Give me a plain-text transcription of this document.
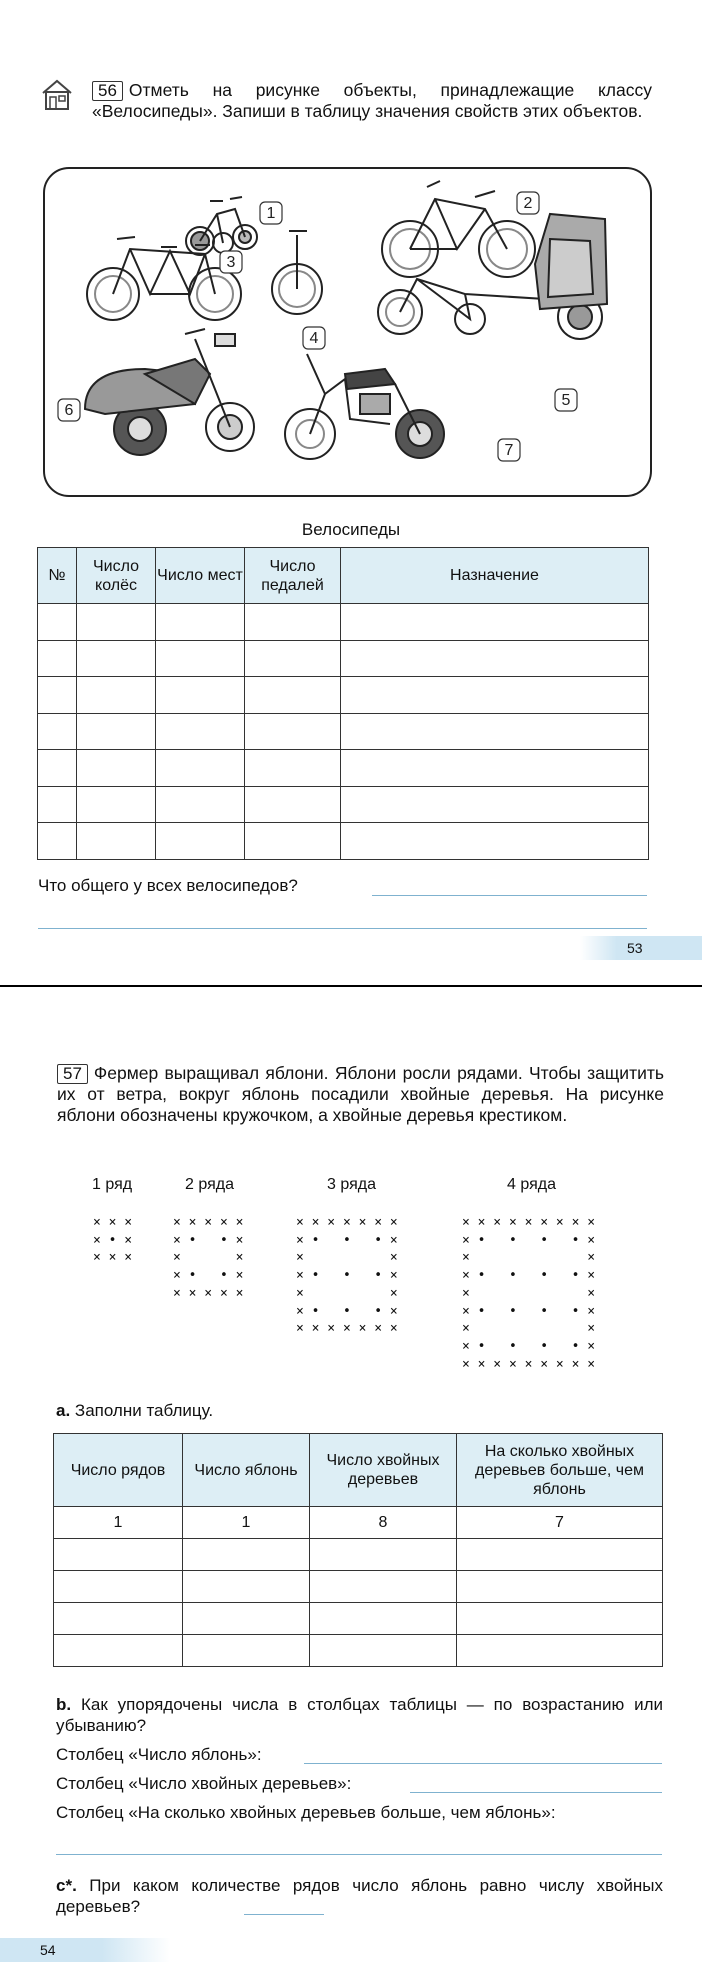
56 Отметь на рисунке объекты, принадлежащие классу «Велосипеды». Запиши в таблицу значения свойств этих объектов.
1
2
3
4
5
6
7
Велосипеды
№	Число колёс	Число мест	Число педалей	Назначение

Что общего у всех велосипедов?
53
57 Фермер выращивал яблони. Яблони росли рядами. Чтобы защитить их от ветра, вокруг яблонь посадили хвойные деревья. На рисунке яблони обозначены кружочком, а хвойные деревья крестиком.
1 ряд	2 ряда	3 ряда	4 ряда
× × ×
× • ×
× × ×
× × × × ×
× •   • ×
×       ×
× •   • ×
× × × × ×
× × × × × × ×
× •   •   • ×
×           ×
× •   •   • ×
×           ×
× •   •   • ×
× × × × × × ×
× × × × × × × × ×
× •   •   •   • ×
×               ×
× •   •   •   • ×
×               ×
× •   •   •   • ×
×               ×
× •   •   •   • ×
× × × × × × × × ×
а. Заполни таблицу.
Число рядов	Число яблонь	Число хвойных деревьев	На сколько хвойных деревьев больше, чем яблонь
1	1	8	7

b. Как упорядочены числа в столбцах таблицы — по возрастанию или убыванию?
Столбец «Число яблонь»:
Столбец «Число хвойных деревьев»:
Столбец «На сколько хвойных деревьев больше, чем яблонь»:
c*. При каком количестве рядов число яблонь равно числу хвойных деревьев?
54
